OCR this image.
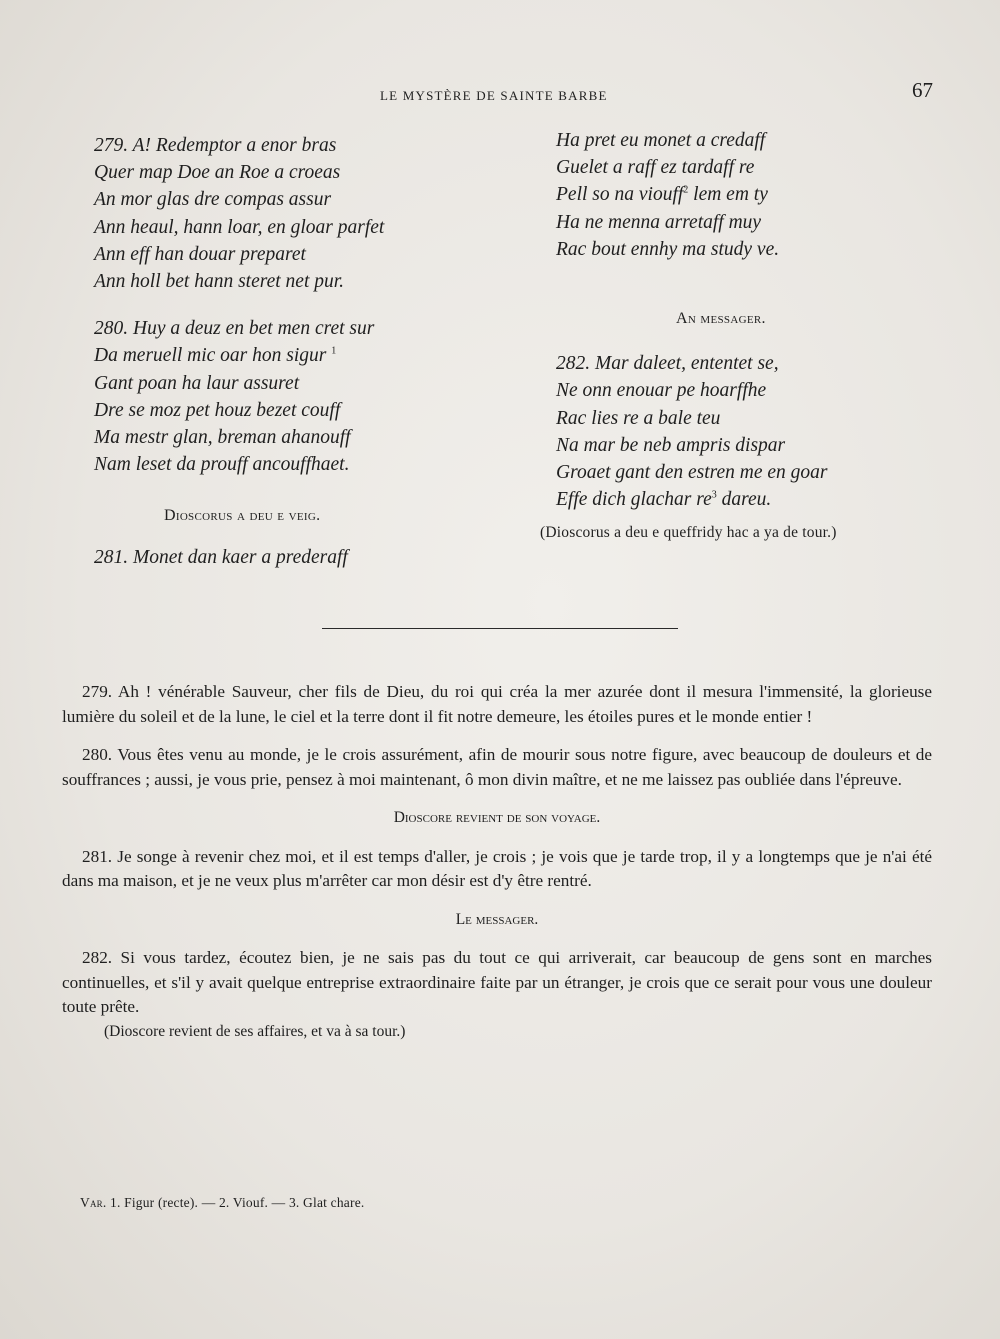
LE MYSTÈRE DE SAINTE BARBE	67
279. A! Redemptor a enor bras
Quer map Doe an Roe a croeas
An mor glas dre compas assur
Ann heaul, hann loar, en gloar parfet
Ann eff han douar preparet
Ann holl bet hann steret net pur.
280. Huy a deuz en bet men cret sur
Da meruell mic oar hon sigur $^1$
Gant poan ha laur assuret
Dre se moz pet houz bezet couff
Ma mestr glan, breman ahanouff
Nam leset da prouff ancouffhaet.
Dioscorus a deu e veig.
281. Monet dan kaer a prederaff
Ha pret eu monet a credaff
Guelet a raff ez tardaff re
Pell so na viouff$^2$ lem em ty
Ha ne menna arretaff muy
Rac bout ennhy ma study ve.
An messager.
282. Mar daleet, ententet se,
Ne onn enouar pe hoarffhe
Rac lies re a bale teu
Na mar be neb ampris dispar
Groaet gant den estren me en goar
Effe dich glachar $re^3$ dareu.
(Dioscorus a deu e queffridy hac a ya de tour.)

279. Ah ! vénérable Sauveur, cher fils de Dieu, du roi qui créa la mer azurée dont il mesura l'immensité, la glorieuse lumière du soleil et de la lune, le ciel et la terre dont il fit notre demeure, les étoiles pures et le monde entier !

280. Vous êtes venu au monde, je le crois assurément, afin de mourir sous notre figure, avec beaucoup de douleurs et de souffrances ; aussi, je vous prie, pensez à moi maintenant, ô mon divin maître, et ne me laissez pas oubliée dans l'épreuve.

Dioscore revient de son voyage.

281. Je songe à revenir chez moi, et il est temps d'aller, je crois ; je vois que je tarde trop, il y a longtemps que je n'ai été dans ma maison, et je ne veux plus m'arrêter car mon désir est d'y être rentré.

Le messager.

282. Si vous tardez, écoutez bien, je ne sais pas du tout ce qui arriverait, car beaucoup de gens sont en marches continuelles, et s'il y avait quelque entreprise extraordinaire faite par un étranger, je crois que ce serait pour vous une douleur toute prête.

(Dioscore revient de ses affaires, et va à sa tour.)

Var. 1. Figur (recte). — 2. Viouf. — 3. Glat chare.
